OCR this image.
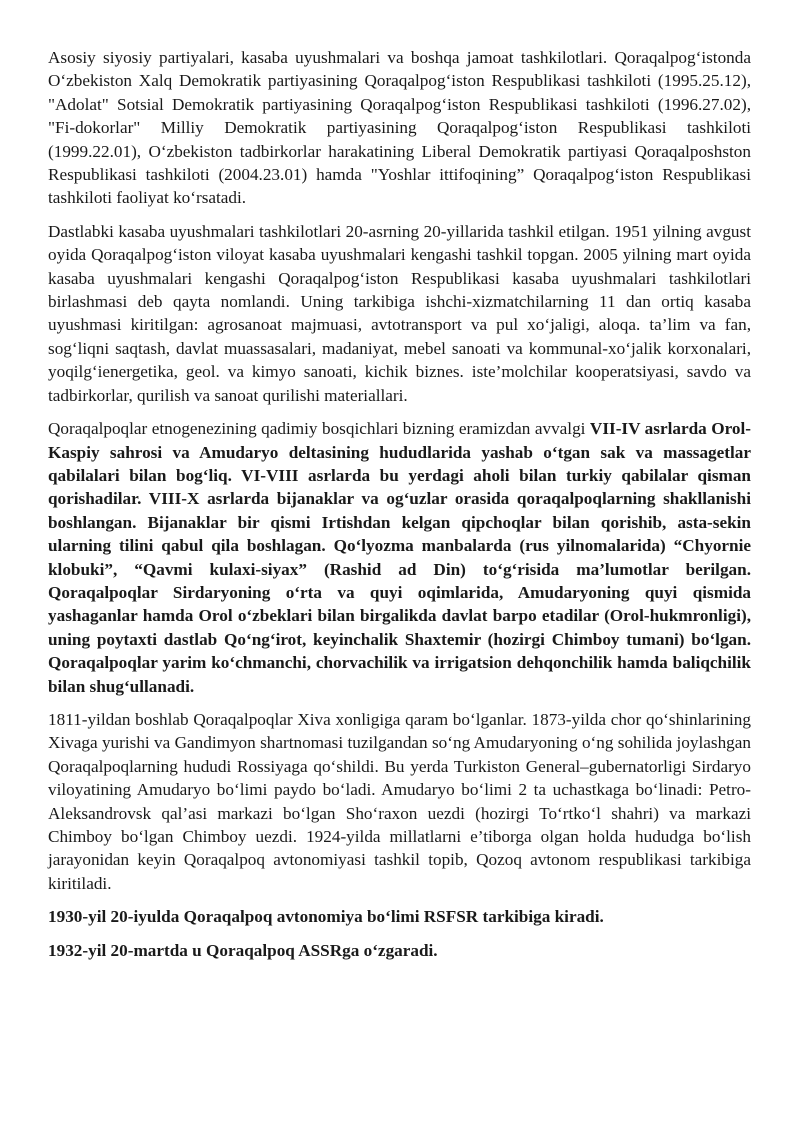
Asosiy siyosiy partiyalari, kasaba uyushmalari va boshqa jamoat tashkilotlari. Qoraqalpog‘istonda O‘zbekiston Xalq Demokratik partiyasining Qoraqalpog‘iston Respublikasi tashkiloti (1995.25.12), "Adolat" Sotsial Demokratik partiyasining Qoraqalpog‘iston Respublikasi tashkiloti (1996.27.02), "Fi-dokorlar" Milliy Demokratik partiyasining Qoraqalpog‘iston Respublikasi tashkiloti (1999.22.01), O‘zbekiston tadbirkorlar harakatining Liberal Demokratik partiyasi Qoraqalposhston Respublikasi tashkiloti (2004.23.01) hamda "Yoshlar ittifoqining” Qoraqalpog‘iston Respublikasi tashkiloti faoliyat ko‘rsatadi.

Dastlabki kasaba uyushmalari tashkilotlari 20-asrning 20-yillarida tashkil etilgan. 1951 yilning avgust oyida Qoraqalpog‘iston viloyat kasaba uyushmalari kengashi tashkil topgan. 2005 yilning mart oyida kasaba uyushmalari kengashi Qoraqalpog‘iston Respublikasi kasaba uyushmalari tashkilotlari birlashmasi deb qayta nomlandi. Uning tarkibiga ishchi-xizmatchilarning 11 dan ortiq kasaba uyushmasi kiritilgan: agrosanoat majmuasi, avtotransport va pul xo‘jaligi, aloqa. ta’lim va fan, sog‘liqni saqtash, davlat muassasalari, madaniyat, mebel sanoati va kommunal-xo‘jalik korxonalari, yoqilg‘ienergetika, geol. va kimyo sanoati, kichik biznes. iste’molchilar kooperatsiyasi, savdo va tadbirkorlar, qurilish va sanoat qurilishi materiallari.

Qoraqalpoqlar etnogenezining qadimiy bosqichlari bizning eramizdan avvalgi VII-IV asrlarda Orol-Kaspiy sahrosi va Amudaryo deltasining hududlarida yashab o‘tgan sak va massagetlar qabilalari bilan bog‘liq. VI-VIII asrlarda bu yerdagi aholi bilan turkiy qabilalar qisman qorishadilar. VIII-X asrlarda bijanaklar va og‘uzlar orasida qoraqalpoqlarning shakllanishi boshlangan. Bijanaklar bir qismi Irtishdan kelgan qipchoqlar bilan qorishib, asta-sekin ularning tilini qabul qila boshlagan. Qo‘lyozma manbalarda (rus yilnomalarida) “Chyornie klobuki”, “Qavmi kulaxi-siyax” (Rashid ad Din) to‘g‘risida ma’lumotlar berilgan. Qoraqalpoqlar Sirdaryoning o‘rta va quyi oqimlarida, Amudaryoning quyi qismida yashaganlar hamda Orol o‘zbeklari bilan birgalikda davlat barpo etadilar (Orol-hukmronligi), uning poytaxti dastlab Qo‘ng‘irot, keyinchalik Shaxtemir (hozirgi Chimboy tumani) bo‘lgan. Qoraqalpoqlar yarim ko‘chmanchi, chorvachilik va irrigatsion dehqonchilik hamda baliqchilik bilan shug‘ullanadi.

1811-yildan boshlab Qoraqalpoqlar Xiva xonligiga qaram bo‘lganlar. 1873-yilda chor qo‘shinlarining Xivaga yurishi va Gandimyon shartnomasi tuzilgandan so‘ng Amudaryoning o‘ng sohilida joylashgan Qoraqalpoqlarning hududi Rossiyaga qo‘shildi. Bu yerda Turkiston General–gubernatorligi Sirdaryo viloyatining Amudaryo bo‘limi paydo bo‘ladi. Amudaryo bo‘limi 2 ta uchastkaga bo‘linadi: Petro-Aleksandrovsk qal’asi markazi bo‘lgan Sho‘raxon uezdi (hozirgi To‘rtko‘l shahri) va markazi Chimboy bo‘lgan Chimboy uezdi. 1924-yilda millatlarni e’tiborga olgan holda hududga bo‘lish jarayonidan keyin Qoraqalpoq avtonomiyasi tashkil topib, Qozoq avtonom respublikasi tarkibiga kiritiladi.

1930-yil 20-iyulda Qoraqalpoq avtonomiya bo‘limi RSFSR tarkibiga kiradi.

1932-yil 20-martda u Qoraqalpoq ASSRga o‘zgaradi.
